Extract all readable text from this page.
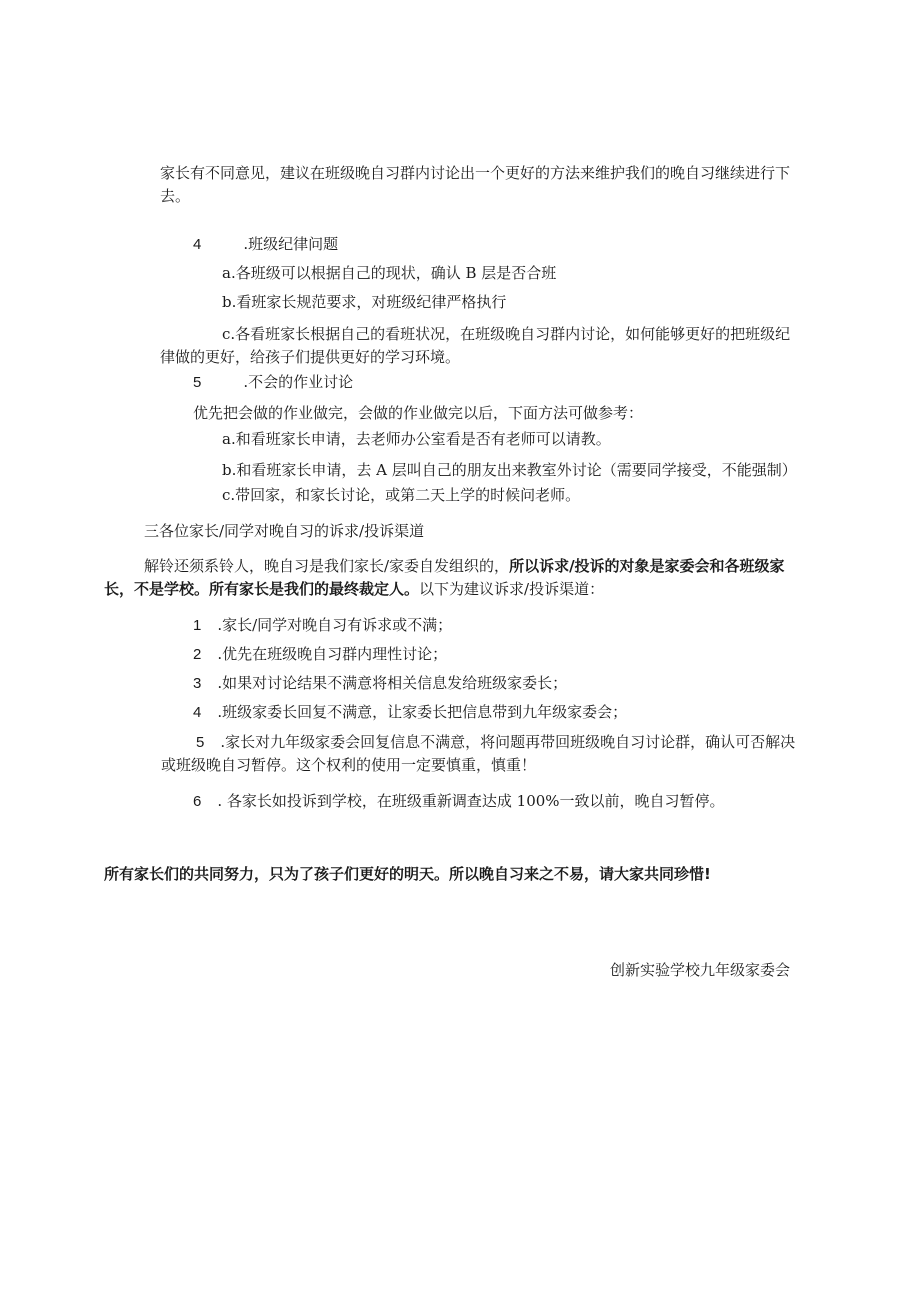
家长有不同意见，建议在班级晚自习群内讨论出一个更好的方法来维护我们的晚自习继续进行下
去。
4	.班级纪律问题
a.各班级可以根据自己的现状，确认 B 层是否合班
b.看班家长规范要求，对班级纪律严格执行
c.各看班家长根据自己的看班状况，在班级晚自习群内讨论，如何能够更好的把班级纪
律做的更好，给孩子们提供更好的学习环境。
5	.不会的作业讨论
优先把会做的作业做完，会做的作业做完以后，下面方法可做参考：
a.和看班家长申请，去老师办公室看是否有老师可以请教。
b.和看班家长申请，去 A 层叫自己的朋友出来教室外讨论（需要同学接受，不能强制）
c.带回家，和家长讨论，或第二天上学的时候问老师。
三各位家长/同学对晚自习的诉求/投诉渠道
解铃还须系铃人，晚自习是我们家长/家委自发组织的，所以诉求/投诉的对象是家委会和各班级家
长，不是学校。所有家长是我们的最终裁定人。以下为建议诉求/投诉渠道：
1 .家长/同学对晚自习有诉求或不满；
2 .优先在班级晚自习群内理性讨论；
3 .如果对讨论结果不满意将相关信息发给班级家委长；
4 .班级家委长回复不满意，让家委长把信息带到九年级家委会；
5 .家长对九年级家委会回复信息不满意，将问题再带回班级晚自习讨论群，确认可否解决
或班级晚自习暂停。这个权利的使用一定要慎重，慎重！
6 . 各家长如投诉到学校，在班级重新调查达成 100%一致以前，晚自习暂停。
所有家长们的共同努力，只为了孩子们更好的明天。所以晚自习来之不易，请大家共同珍惜!
创新实验学校九年级家委会
